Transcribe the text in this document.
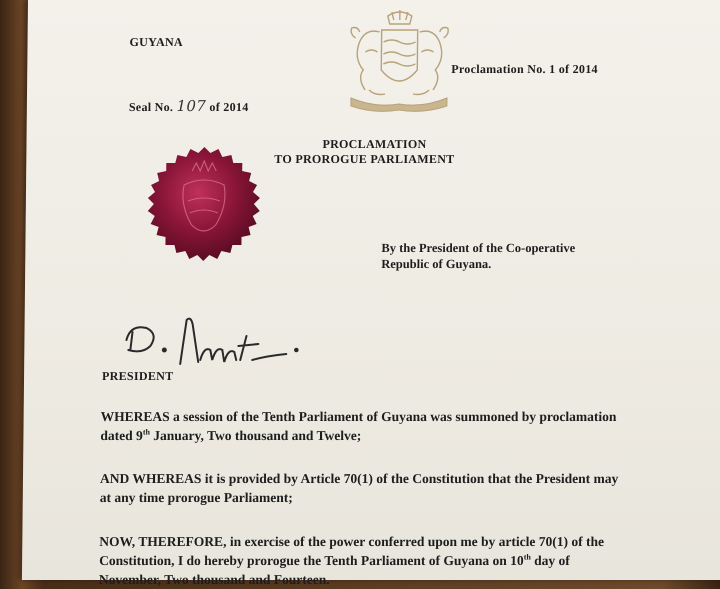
GUYANA
Proclamation No. 1 of 2014
Seal No. 107 of 2014
PROCLAMATION
TO PROROGUE PARLIAMENT
By the President of the Co-operative
Republic of Guyana.
PRESIDENT
WHEREAS a session of the Tenth Parliament of Guyana was summoned by proclamation
dated 9th January, Two thousand and Twelve;
AND WHEREAS it is provided by Article 70(1) of the Constitution that the President may
at any time prorogue Parliament;
NOW, THEREFORE, in exercise of the power conferred upon me by article 70(1) of the
Constitution, I do hereby prorogue the Tenth Parliament of Guyana on 10th day of
November, Two thousand and Fourteen.
